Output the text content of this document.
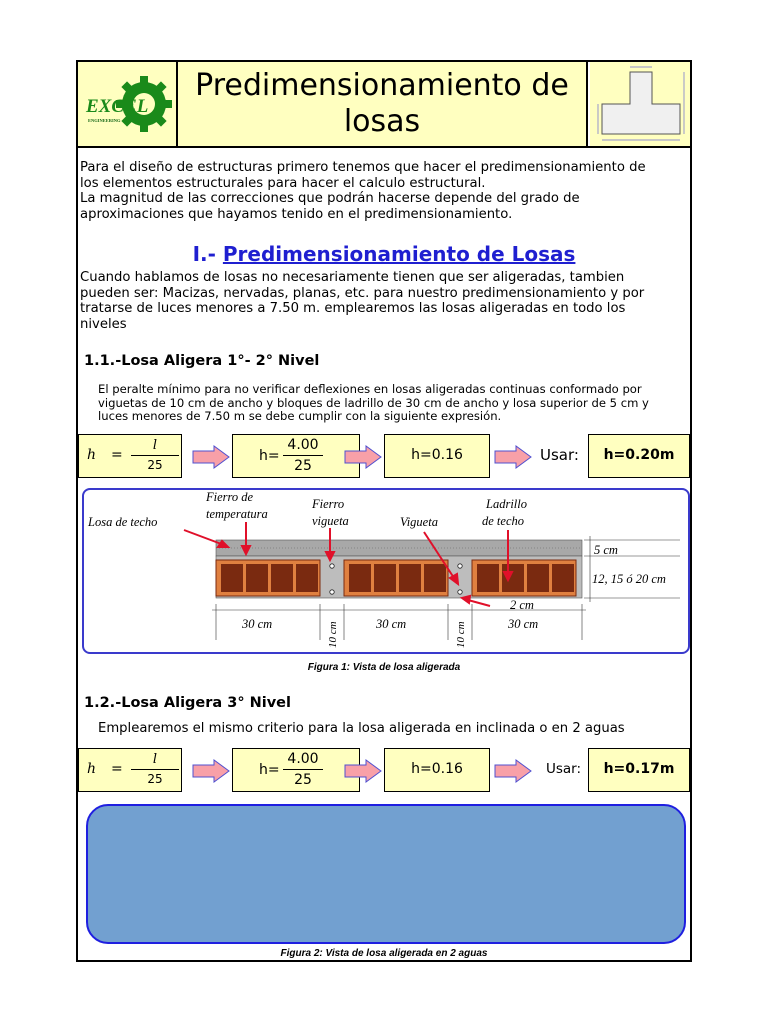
EXCEL
ENGINEERING
Predimensionamiento de
losas
Para el diseño de estructuras primero tenemos que hacer el predimensionamiento de
los elementos estructurales para hacer el calculo estructural.
La magnitud de las correcciones que podrán hacerse depende del grado de
aproximaciones que hayamos tenido en el predimensionamiento.
I.- Predimensionamiento de Losas
Cuando hablamos de losas no necesariamente tienen que ser aligeradas, tambien
pueden ser: Macizas, nervadas, planas, etc. para nuestro predimensionamiento y por
tratarse de luces menores a 7.50 m. emplearemos las losas aligeradas en todo los
niveles
1.1.-Losa Aligera 1°- 2° Nivel
El peralte mínimo para no verificar deflexiones en losas aligeradas continuas conformado por
viguetas de 10 cm de ancho y bloques de ladrillo de 30 cm de ancho y losa superior de 5 cm y
luces menores de 7.50 m se debe cumplir con la siguiente expresión.
$h = \frac{l}{25}$	$h= \frac{4.00}{25}$	h=0.16	Usar:	h=0.20m
Losa de techo
Fierro de
temperatura
Fierro
vigueta	Vigueta
Ladrillo
de techo
5 cm
12, 15 ó 20 cm
2 cm
30 cm	10 cm	30 cm	10 cm	30 cm
Figura 1: Vista de losa aligerada
1.2.-Losa Aligera 3° Nivel
Emplearemos el mismo criterio para la losa aligerada en inclinada o en 2 aguas
$h = \frac{l}{25}$	$h= \frac{4.00}{25}$	h=0.16	Usar:	h=0.17m
Figura 2: Vista de losa aligerada en 2 aguas
